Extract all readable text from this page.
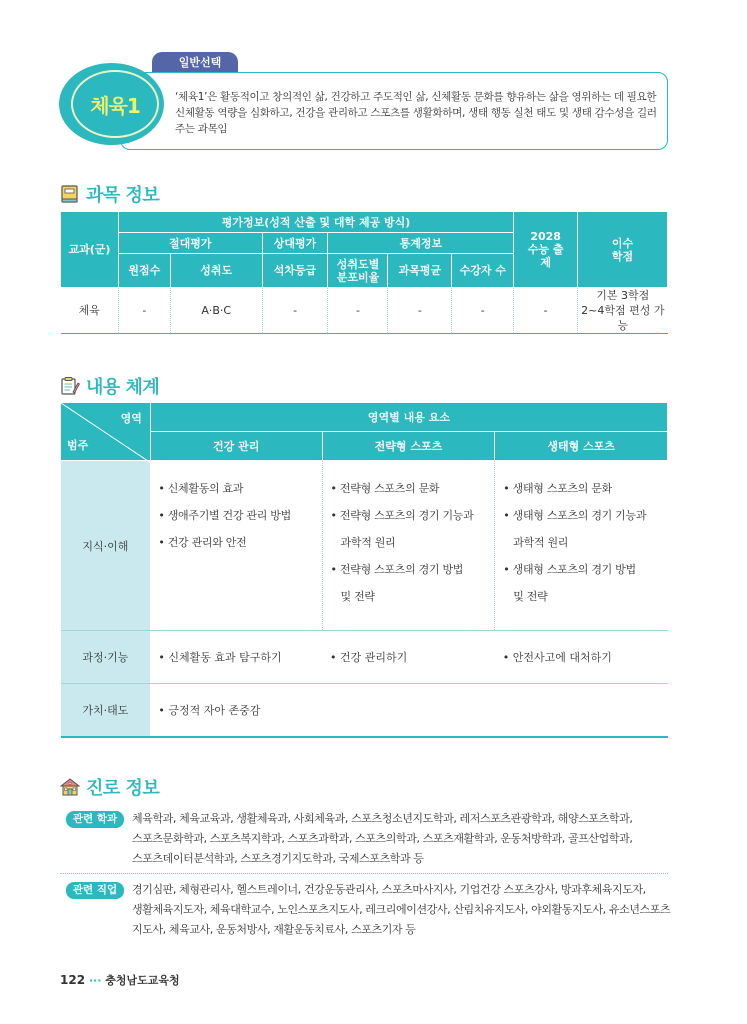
일반선택
체육1	‘체육1’은 활동적이고 창의적인 삶, 건강하고 주도적인 삶, 신체활동 문화를 향유하는 삶을 영위하는 데 필요한 신체활동 역량을 심화하고, 건강을 관리하고 스포츠를 생활화하며, 생태 행동 실천 태도 및 생태 감수성을 길러주는 과목임
과목 정보
교과(군)	평가정보(성적 산출 및 대학 제공 방식)						2028 수능 출제	이수 학점
	절대평가		상대평가	통계정보				
	원점수	성취도	석차등급	성취도별 분포비율	과목평균	수강자 수		
체육	-	A·B·C	-	-	-	-	-	기본 3학점
2~4학점 편성 가능
내용 체계
영역
범주	영역별 내용 요소		
	건강 관리	전략형 스포츠	생태형 스포츠
지식·이해	• 신체활동의 효과
• 생애주기별 건강 관리 방법
• 건강 관리와 안전	• 전략형 스포츠의 문화
• 전략형 스포츠의 경기 기능과
과학적 원리
• 전략형 스포츠의 경기 방법
및 전략	• 생태형 스포츠의 문화
• 생태형 스포츠의 경기 기능과
과학적 원리
• 생태형 스포츠의 경기 방법
및 전략

과정·기능	• 신체활동 효과 탐구하기	• 건강 관리하기	• 안전사고에 대처하기
가치·태도	• 긍정적 자아 존중감		
진로 정보
관련 학과	체육학과, 체육교육과, 생활체육과, 사회체육과, 스포츠청소년지도학과, 레저스포츠관광학과, 해양스포츠학과,
스포츠문화학과, 스포츠복지학과, 스포츠과학과, 스포츠의학과, 스포츠재활학과, 운동처방학과, 골프산업학과,
스포츠데이터분석학과, 스포츠경기지도학과, 국제스포츠학과 등
관련 직업	경기심판, 체형관리사, 헬스트레이너, 건강운동관리사, 스포츠마사지사, 기업건강 스포츠강사, 방과후체육지도자,
생활체육지도자, 체육대학교수, 노인스포츠지도사, 레크리에이션강사, 산림치유지도사, 야외활동지도사, 유소년스포츠
지도사, 체육교사, 운동처방사, 재활운동치료사, 스포츠기자 등
122 ··· 충청남도교육청
